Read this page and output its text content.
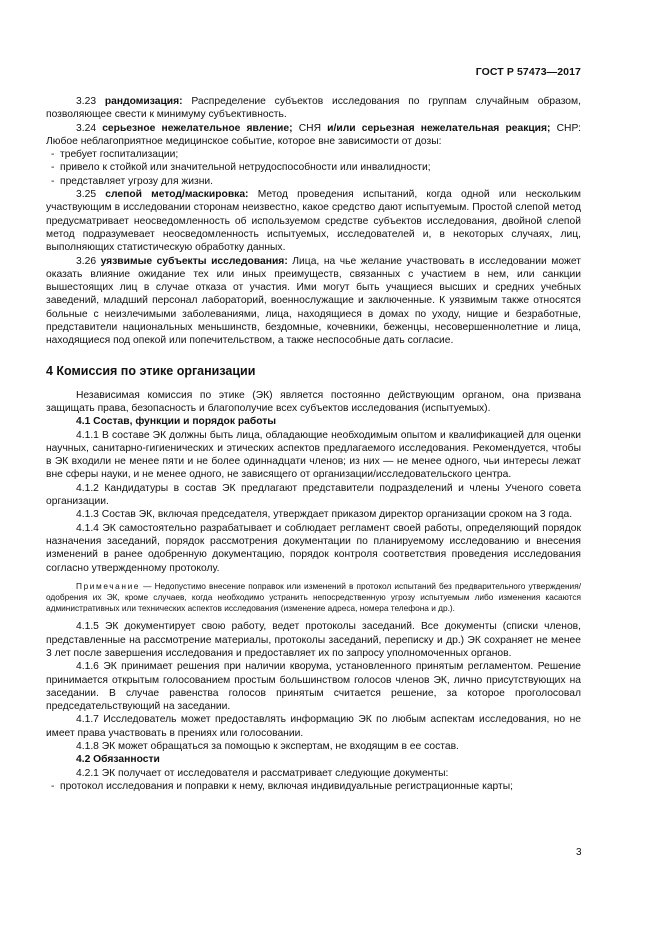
ГОСТ Р 57473—2017

3.23 рандомизация: Распределение субъектов исследования по группам случайным образом, позволяющее свести к минимуму субъективность.

3.24 серьезное нежелательное явление; СНЯ и/или серьезная нежелательная реакция; СНР: Любое неблагоприятное медицинское событие, которое вне зависимости от дозы:

- требует госпитализации;

- привело к стойкой или значительной нетрудоспособности или инвалидности;

- представляет угрозу для жизни.

3.25 слепой метод/маскировка: Метод проведения испытаний, когда одной или нескольким участвующим в исследовании сторонам неизвестно, какое средство дают испытуемым. Простой слепой метод предусматривает неосведомленность об используемом средстве субъектов исследования, двойной слепой метод подразумевает неосведомленность испытуемых, исследователей и, в некоторых случаях, лиц, выполняющих статистическую обработку данных.

3.26 уязвимые субъекты исследования: Лица, на чье желание участвовать в исследовании может оказать влияние ожидание тех или иных преимуществ, связанных с участием в нем, или санкции вышестоящих лиц в случае отказа от участия. Ими могут быть учащиеся высших и средних учебных заведений, младший персонал лабораторий, военнослужащие и заключенные. К уязвимым также относятся больные с неизлечимыми заболеваниями, лица, находящиеся в домах по уходу, нищие и безработные, представители национальных меньшинств, бездомные, кочевники, беженцы, несовершеннолетние и лица, находящиеся под опекой или попечительством, а также неспособные дать согласие.

4 Комиссия по этике организации

Независимая комиссия по этике (ЭК) является постоянно действующим органом, она призвана защищать права, безопасность и благополучие всех субъектов исследования (испытуемых).

4.1 Состав, функции и порядок работы

4.1.1 В составе ЭК должны быть лица, обладающие необходимым опытом и квалификацией для оценки научных, санитарно-гигиенических и этических аспектов предлагаемого исследования. Рекомендуется, чтобы в ЭК входили не менее пяти и не более одиннадцати членов; из них — не менее одного, чьи интересы лежат вне сферы науки, и не менее одного, не зависящего от организации/исследовательского центра.

4.1.2 Кандидатуры в состав ЭК предлагают представители подразделений и члены Ученого совета организации.

4.1.3 Состав ЭК, включая председателя, утверждает приказом директор организации сроком на 3 года.

4.1.4 ЭК самостоятельно разрабатывает и соблюдает регламент своей работы, определяющий порядок назначения заседаний, порядок рассмотрения документации по планируемому исследованию и внесения изменений в ранее одобренную документацию, порядок контроля соответствия проведения исследования согласно утвержденному протоколу.

Примечание — Недопустимо внесение поправок или изменений в протокол испытаний без предварительного утверждения/одобрения их ЭК, кроме случаев, когда необходимо устранить непосредственную угрозу испытуемым либо изменения касаются административных или технических аспектов исследования (изменение адреса, номера телефона и др.).

4.1.5 ЭК документирует свою работу, ведет протоколы заседаний. Все документы (списки членов, представленные на рассмотрение материалы, протоколы заседаний, переписку и др.) ЭК сохраняет не менее 3 лет после завершения исследования и предоставляет их по запросу уполномоченных органов.

4.1.6 ЭК принимает решения при наличии кворума, установленного принятым регламентом. Решение принимается открытым голосованием простым большинством голосов членов ЭК, лично присутствующих на заседании. В случае равенства голосов принятым считается решение, за которое проголосовал председательствующий на заседании.

4.1.7 Исследователь может предоставлять информацию ЭК по любым аспектам исследования, но не имеет права участвовать в прениях или голосовании.

4.1.8 ЭК может обращаться за помощью к экспертам, не входящим в ее состав.

4.2 Обязанности

4.2.1 ЭК получает от исследователя и рассматривает следующие документы:

- протокол исследования и поправки к нему, включая индивидуальные регистрационные карты;

3
